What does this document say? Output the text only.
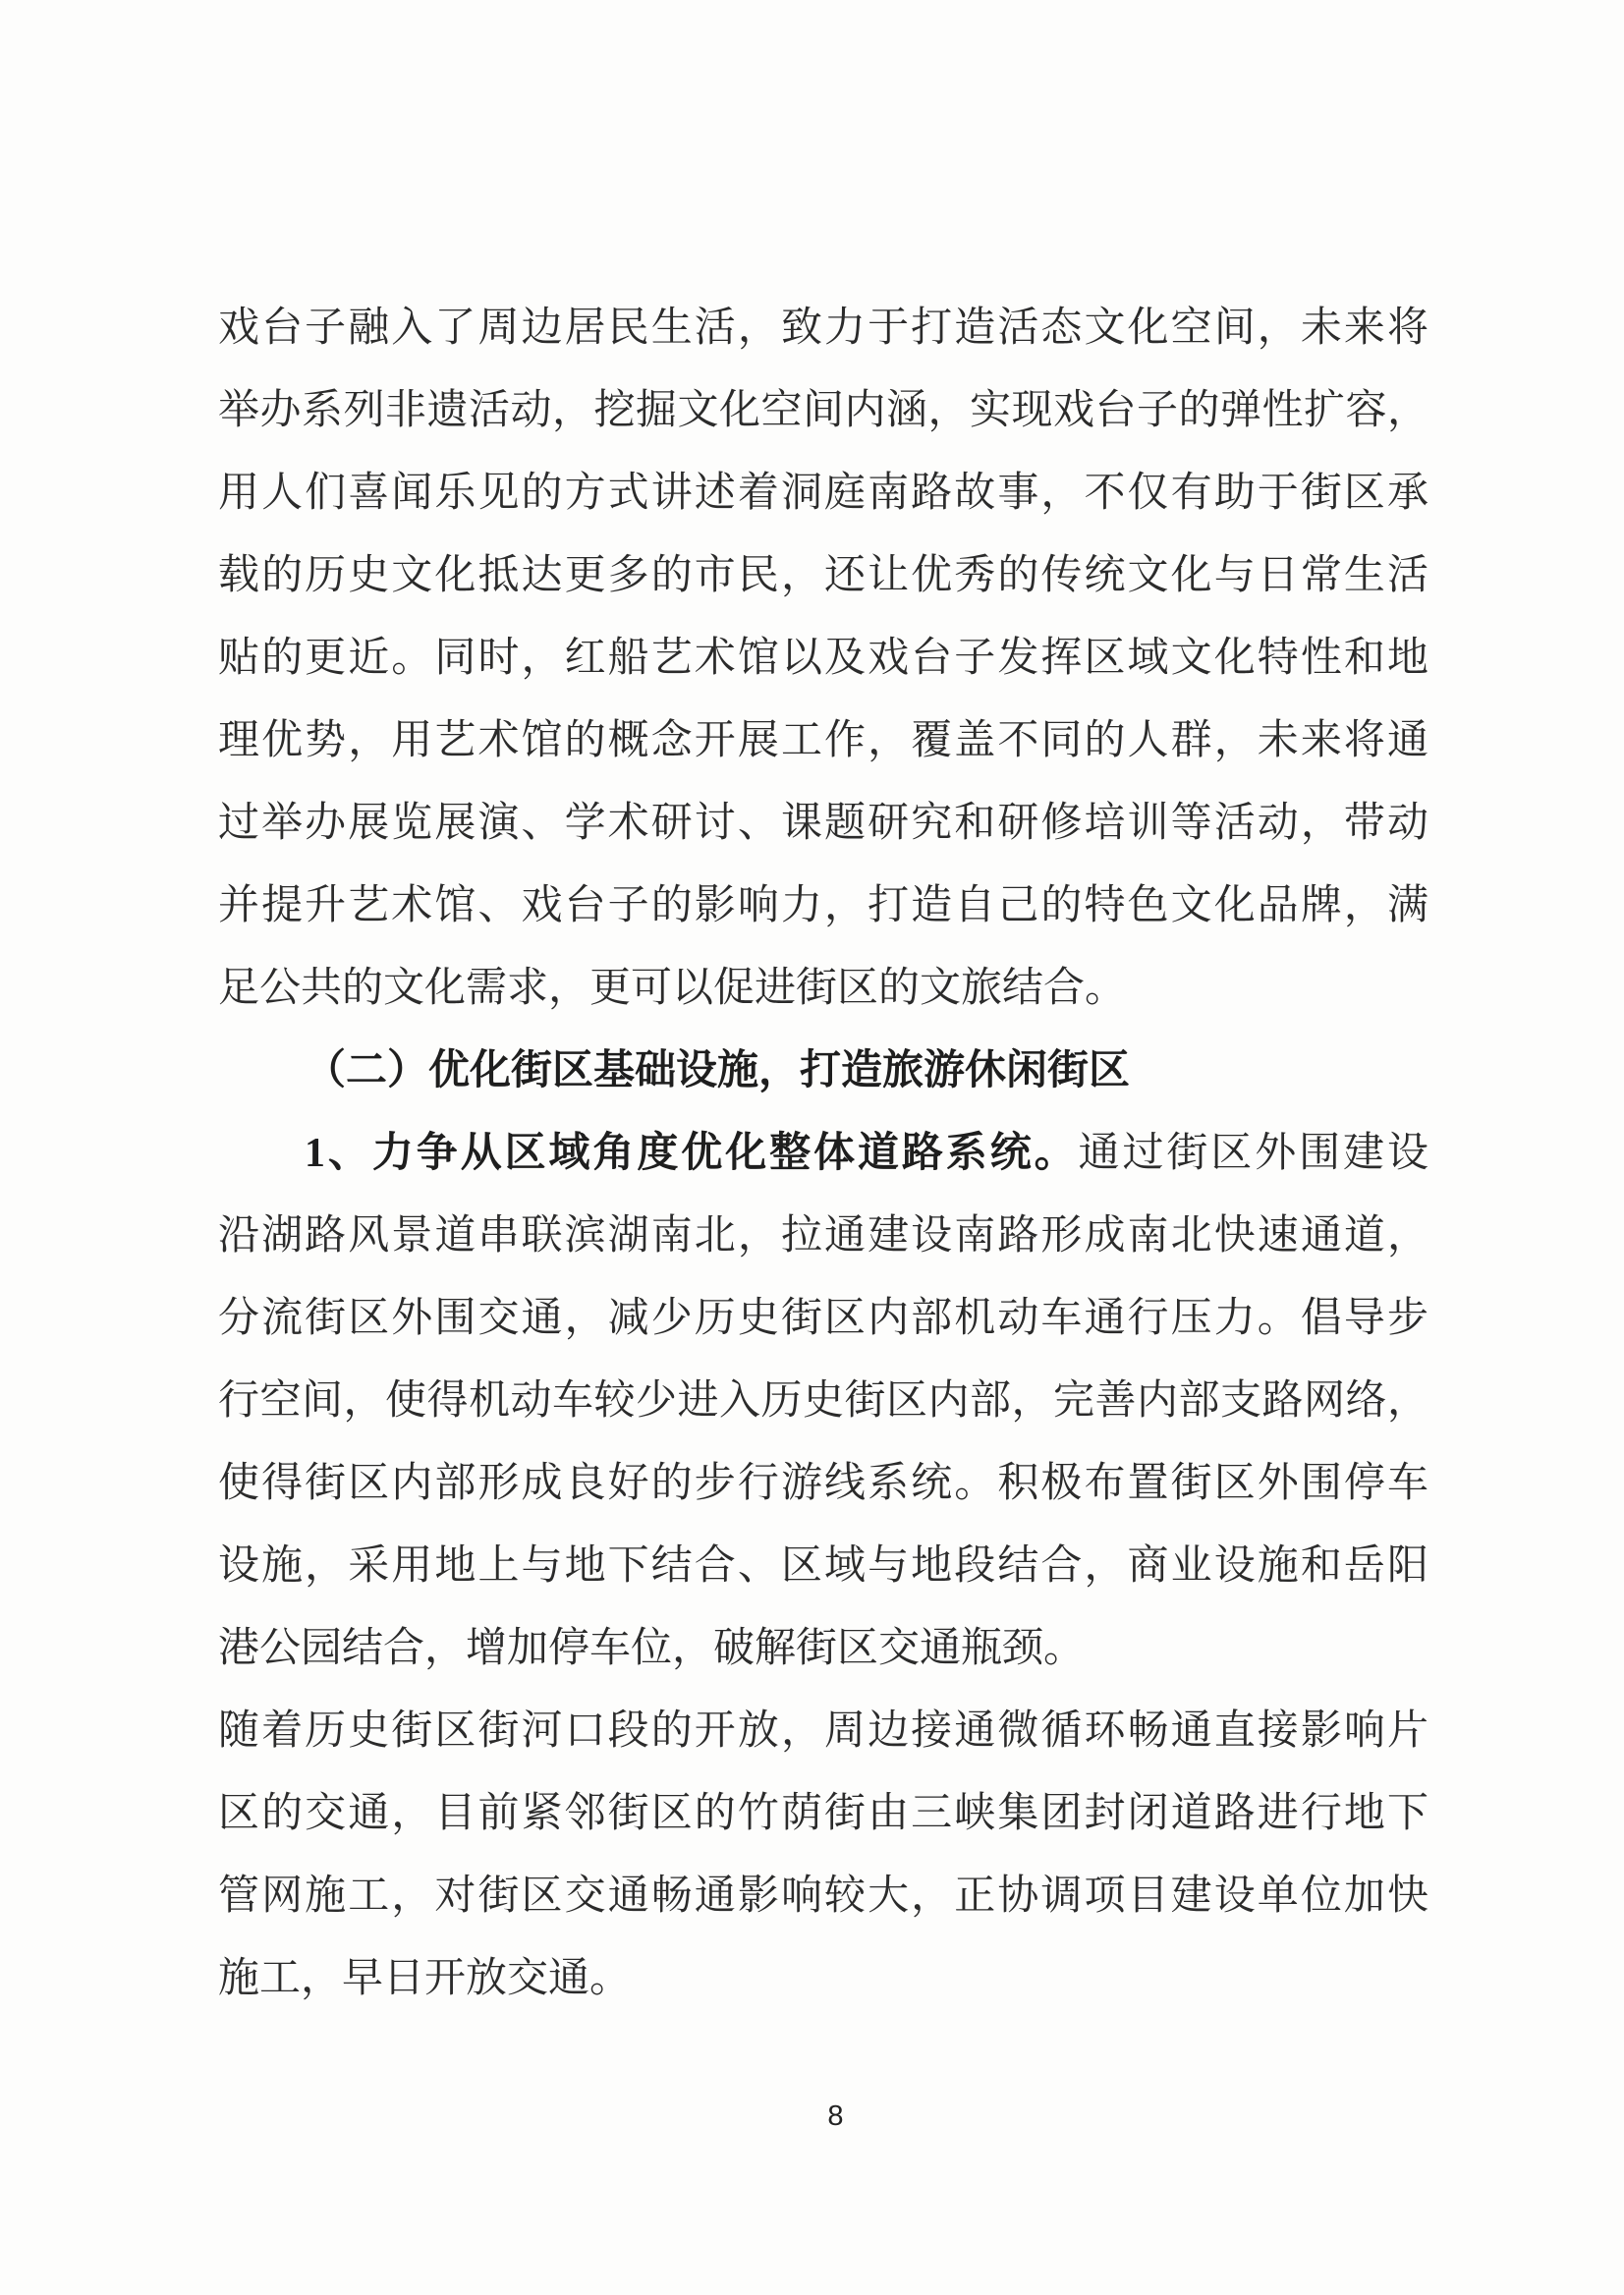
戏台子融入了周边居民生活，致力于打造活态文化空间，未来将
举办系列非遗活动，挖掘文化空间内涵，实现戏台子的弹性扩容，
用人们喜闻乐见的方式讲述着洞庭南路故事，不仅有助于街区承
载的历史文化抵达更多的市民，还让优秀的传统文化与日常生活
贴的更近。同时，红船艺术馆以及戏台子发挥区域文化特性和地
理优势，用艺术馆的概念开展工作，覆盖不同的人群，未来将通
过举办展览展演、学术研讨、课题研究和研修培训等活动，带动
并提升艺术馆、戏台子的影响力，打造自己的特色文化品牌，满
足公共的文化需求，更可以促进街区的文旅结合。
（二）优化街区基础设施，打造旅游休闲街区
1、力争从区域角度优化整体道路系统。通过街区外围建设
沿湖路风景道串联滨湖南北，拉通建设南路形成南北快速通道，
分流街区外围交通，减少历史街区内部机动车通行压力。倡导步
行空间，使得机动车较少进入历史街区内部，完善内部支路网络，
使得街区内部形成良好的步行游线系统。积极布置街区外围停车
设施，采用地上与地下结合、区域与地段结合，商业设施和岳阳
港公园结合，增加停车位，破解街区交通瓶颈。
随着历史街区街河口段的开放，周边接通微循环畅通直接影响片
区的交通，目前紧邻街区的竹荫街由三峡集团封闭道路进行地下
管网施工，对街区交通畅通影响较大，正协调项目建设单位加快
施工，早日开放交通。
8
